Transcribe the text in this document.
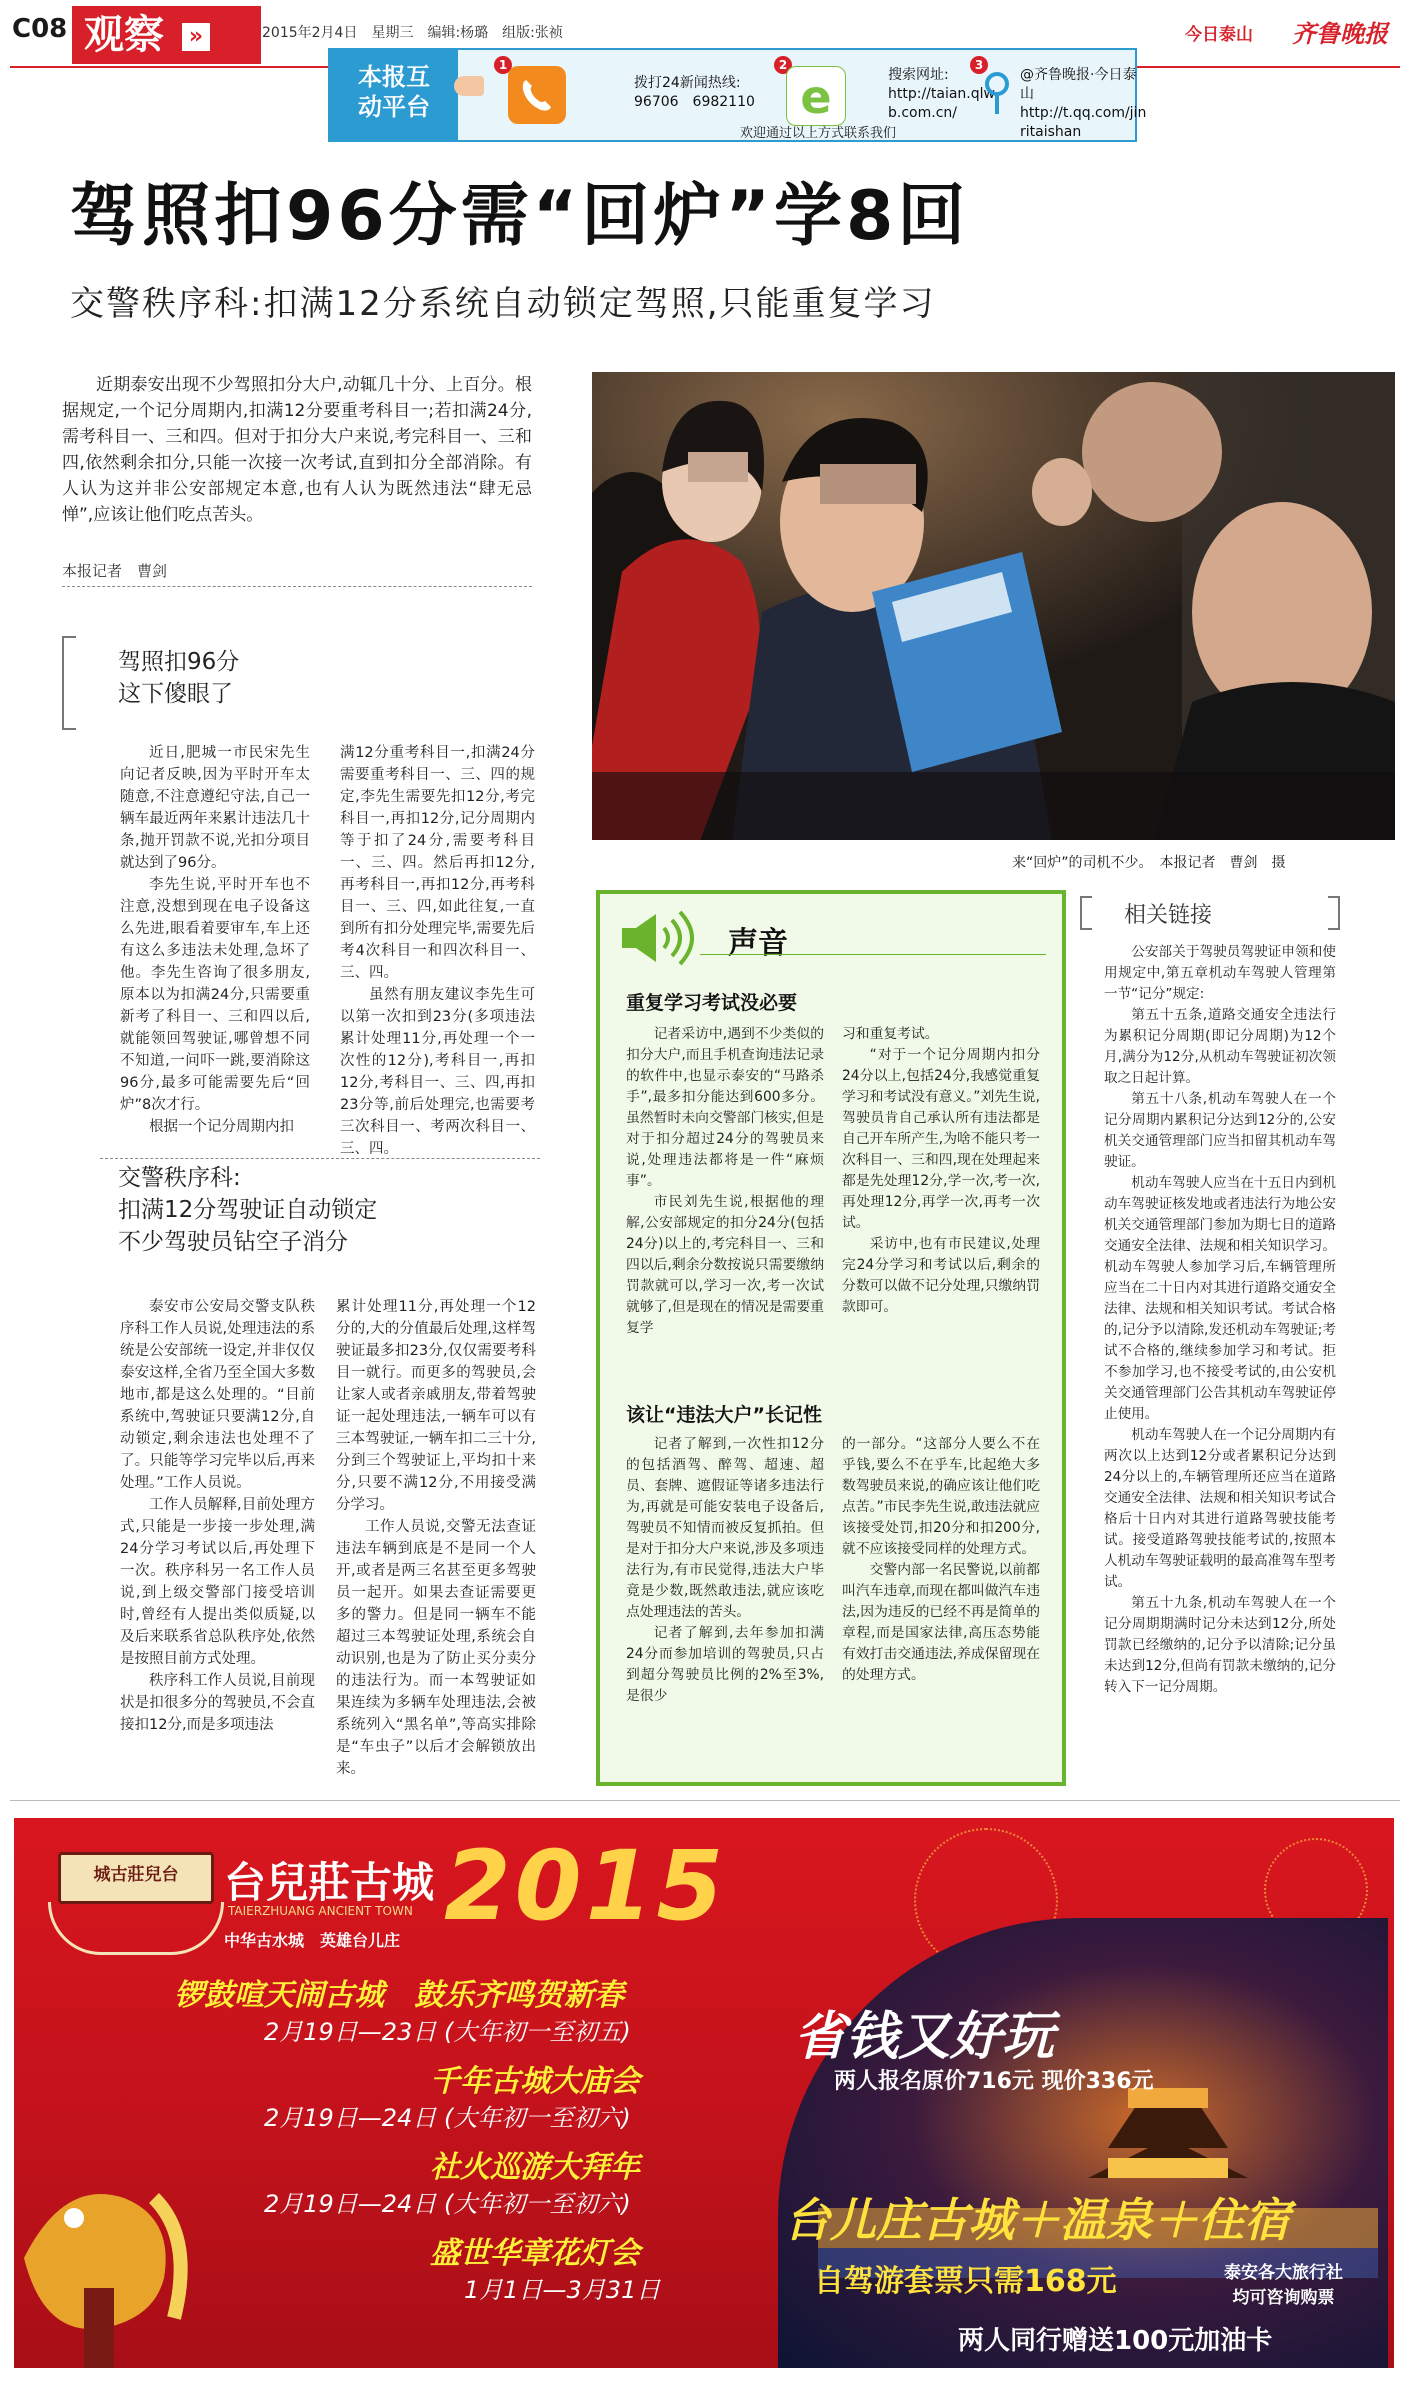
C08 观察 »	2015年2月4日　星期三　编辑:杨璐　组版:张祯	今日泰山 齐鲁晚报
本报互
动平台
1
拨打24新闻热线:
96706　6982110
2
e	搜索网址:
http://taian.qlw
b.com.cn/
3
@齐鲁晚报·今日泰山
http://t.qq.com/jin
ritaishan
欢迎通过以上方式联系我们
驾照扣96分需“回炉”学8回
交警秩序科:扣满12分系统自动锁定驾照,只能重复学习
近期泰安出现不少驾照扣分大户,动辄几十分、上百分。根据规定,一个记分周期内,扣满12分要重考科目一;若扣满24分,需考科目一、三和四。但对于扣分大户来说,考完科目一、三和四,依然剩余扣分,只能一次接一次考试,直到扣分全部消除。有人认为这并非公安部规定本意,也有人认为既然违法“肆无忌惮”,应该让他们吃点苦头。
本报记者　曹剑
来“回炉”的司机不少。　本报记者　曹剑　摄
驾照扣96分
这下傻眼了

近日,肥城一市民宋先生向记者反映,因为平时开车太随意,不注意遵纪守法,自己一辆车最近两年来累计违法几十条,抛开罚款不说,光扣分项目就达到了96分。

李先生说,平时开车也不注意,没想到现在电子设备这么先进,眼看着要审车,车上还有这么多违法未处理,急坏了他。李先生咨询了很多朋友,原本以为扣满24分,只需要重新考了科目一、三和四以后,就能领回驾驶证,哪曾想不同不知道,一问吓一跳,要消除这96分,最多可能需要先后“回炉”8次才行。

根据一个记分周期内扣

满12分重考科目一,扣满24分需要重考科目一、三、四的规定,李先生需要先扣12分,考完科目一,再扣12分,记分周期内等于扣了24分,需要考科目一、三、四。然后再扣12分,再考科目一,再扣12分,再考科目一、三、四,如此往复,一直到所有扣分处理完毕,需要先后考4次科目一和四次科目一、三、四。

虽然有朋友建议李先生可以第一次扣到23分(多项违法累计处理11分,再处理一个一次性的12分),考科目一,再扣12分,考科目一、三、四,再扣23分等,前后处理完,也需要考三次科目一、考两次科目一、三、四。

交警秩序科:
扣满12分驾驶证自动锁定
不少驾驶员钻空子消分

泰安市公安局交警支队秩序科工作人员说,处理违法的系统是公安部统一设定,并非仅仅泰安这样,全省乃至全国大多数地市,都是这么处理的。“目前系统中,驾驶证只要满12分,自动锁定,剩余违法也处理不了了。只能等学习完毕以后,再来处理。”工作人员说。

工作人员解释,目前处理方式,只能是一步接一步处理,满24分学习考试以后,再处理下一次。秩序科另一名工作人员说,到上级交警部门接受培训时,曾经有人提出类似质疑,以及后来联系省总队秩序处,依然是按照目前方式处理。

秩序科工作人员说,目前现状是扣很多分的驾驶员,不会直接扣12分,而是多项违法

累计处理11分,再处理一个12分的,大的分值最后处理,这样驾驶证最多扣23分,仅仅需要考科目一就行。而更多的驾驶员,会让家人或者亲戚朋友,带着驾驶证一起处理违法,一辆车可以有三本驾驶证,一辆车扣二三十分,分到三个驾驶证上,平均扣十来分,只要不满12分,不用接受满分学习。

工作人员说,交警无法查证违法车辆到底是不是同一个人开,或者是两三名甚至更多驾驶员一起开。如果去查证需要更多的警力。但是同一辆车不能超过三本驾驶证处理,系统会自动识别,也是为了防止买分卖分的违法行为。而一本驾驶证如果连续为多辆车处理违法,会被系统列入“黑名单”,等高实排除是“车虫子”以后才会解锁放出来。

声音
重复学习考试没必要

记者采访中,遇到不少类似的扣分大户,而且手机查询违法记录的软件中,也显示泰安的“马路杀手”,最多扣分能达到600多分。虽然暂时未向交警部门核实,但是对于扣分超过24分的驾驶员来说,处理违法都将是一件“麻烦事”。

市民刘先生说,根据他的理解,公安部规定的扣分24分(包括24分)以上的,考完科目一、三和四以后,剩余分数按说只需要缴纳罚款就可以,学习一次,考一次试就够了,但是现在的情况是需要重复学

习和重复考试。

“对于一个记分周期内扣分24分以上,包括24分,我感觉重复学习和考试没有意义。”刘先生说,驾驶员肯自己承认所有违法都是自己开车所产生,为啥不能只考一次科目一、三和四,现在处理起来都是先处理12分,学一次,考一次,再处理12分,再学一次,再考一次试。

采访中,也有市民建议,处理完24分学习和考试以后,剩余的分数可以做不记分处理,只缴纳罚款即可。

该让“违法大户”长记性

记者了解到,一次性扣12分的包括酒驾、醉驾、超速、超员、套牌、遮假证等诸多违法行为,再就是可能安装电子设备后,驾驶员不知情而被反复抓拍。但是对于扣分大户来说,涉及多项违法行为,有市民觉得,违法大户毕竟是少数,既然敢违法,就应该吃点处理违法的苦头。

记者了解到,去年参加扣满24分而参加培训的驾驶员,只占到超分驾驶员比例的2%至3%,是很少

的一部分。“这部分人要么不在乎钱,要么不在乎车,比起绝大多数驾驶员来说,的确应该让他们吃点苦。”市民李先生说,敢违法就应该接受处罚,扣20分和扣200分,就不应该接受同样的处理方式。

交警内部一名民警说,以前都叫汽车违章,而现在都叫做汽车违法,因为违反的已经不再是简单的章程,而是国家法律,高压态势能有效打击交通违法,养成保留现在的处理方式。

相关链接

公安部关于驾驶员驾驶证申领和使用规定中,第五章机动车驾驶人管理第一节“记分”规定:

第五十五条,道路交通安全违法行为累积记分周期(即记分周期)为12个月,满分为12分,从机动车驾驶证初次领取之日起计算。

第五十八条,机动车驾驶人在一个记分周期内累积记分达到12分的,公安机关交通管理部门应当扣留其机动车驾驶证。

机动车驾驶人应当在十五日内到机动车驾驶证核发地或者违法行为地公安机关交通管理部门参加为期七日的道路交通安全法律、法规和相关知识学习。机动车驾驶人参加学习后,车辆管理所应当在二十日内对其进行道路交通安全法律、法规和相关知识考试。考试合格的,记分予以清除,发还机动车驾驶证;考试不合格的,继续参加学习和考试。拒不参加学习,也不接受考试的,由公安机关交通管理部门公告其机动车驾驶证停止使用。

机动车驾驶人在一个记分周期内有两次以上达到12分或者累积记分达到24分以上的,车辆管理所还应当在道路交通安全法律、法规和相关知识考试合格后十日内对其进行道路驾驶技能考试。接受道路驾驶技能考试的,按照本人机动车驾驶证载明的最高准驾车型考试。

第五十九条,机动车驾驶人在一个记分周期期满时记分未达到12分,所处罚款已经缴纳的,记分予以清除;记分虽未达到12分,但尚有罚款未缴纳的,记分转入下一记分周期。

城古莊兒台	台兒莊古城
TAIERZHUANG ANCIENT TOWN
中华古水城　英雄台儿庄 2015
锣鼓喧天闹古城　鼓乐齐鸣贺新春
2月19日—23日 (大年初一至初五)
千年古城大庙会
2月19日—24日 (大年初一至初六)
社火巡游大拜年
2月19日—24日 (大年初一至初六)
盛世华章花灯会
1月1日—3月31日
省钱又好玩
两人报名原价716元 现价336元
台儿庄古城＋温泉＋住宿
自驾游套票只需168元	泰安各大旅行社
均可咨询购票
两人同行赠送100元加油卡
